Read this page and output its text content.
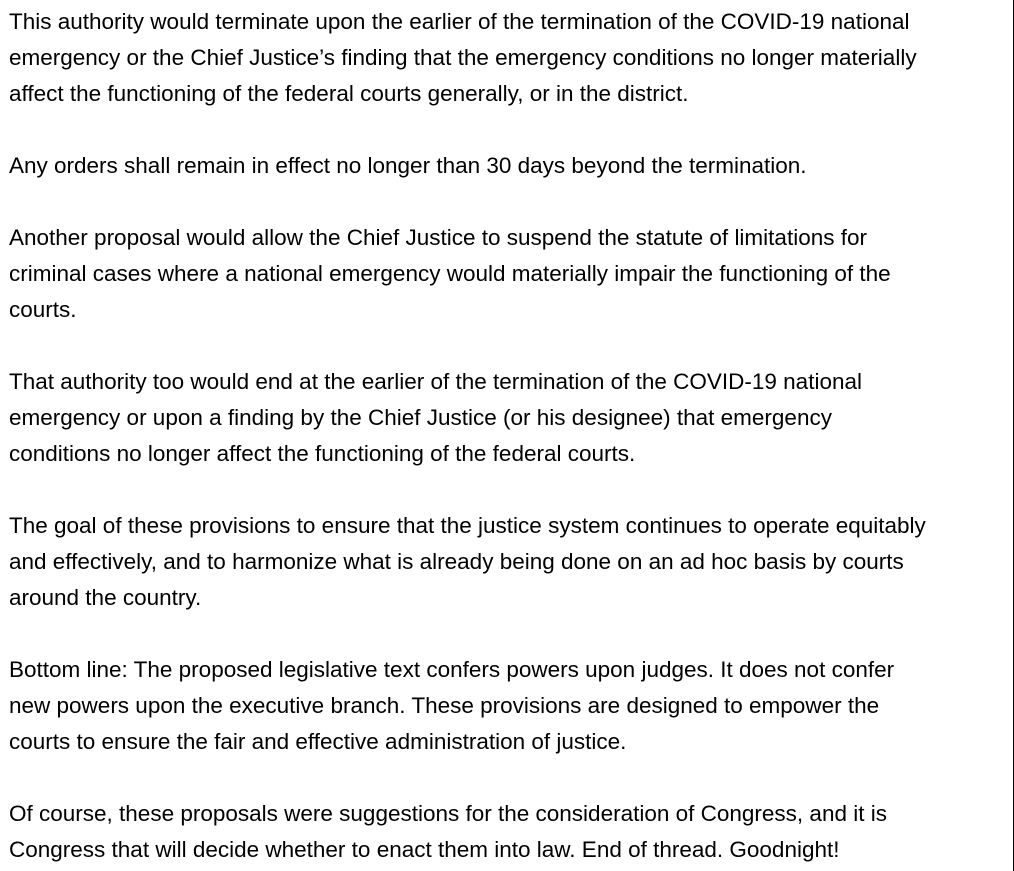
This authority would terminate upon the earlier of the termination of the COVID-19 national
emergency or the Chief Justice’s finding that the emergency conditions no longer materially
affect the functioning of the federal courts generally, or in the district.

Any orders shall remain in effect no longer than 30 days beyond the termination.

Another proposal would allow the Chief Justice to suspend the statute of limitations for
criminal cases where a national emergency would materially impair the functioning of the
courts.

That authority too would end at the earlier of the termination of the COVID-19 national
emergency or upon a finding by the Chief Justice (or his designee) that emergency
conditions no longer affect the functioning of the federal courts.

The goal of these provisions to ensure that the justice system continues to operate equitably
and effectively, and to harmonize what is already being done on an ad hoc basis by courts
around the country.

Bottom line: The proposed legislative text confers powers upon judges. It does not confer
new powers upon the executive branch. These provisions are designed to empower the
courts to ensure the fair and effective administration of justice.

Of course, these proposals were suggestions for the consideration of Congress, and it is
Congress that will decide whether to enact them into law. End of thread. Goodnight!
